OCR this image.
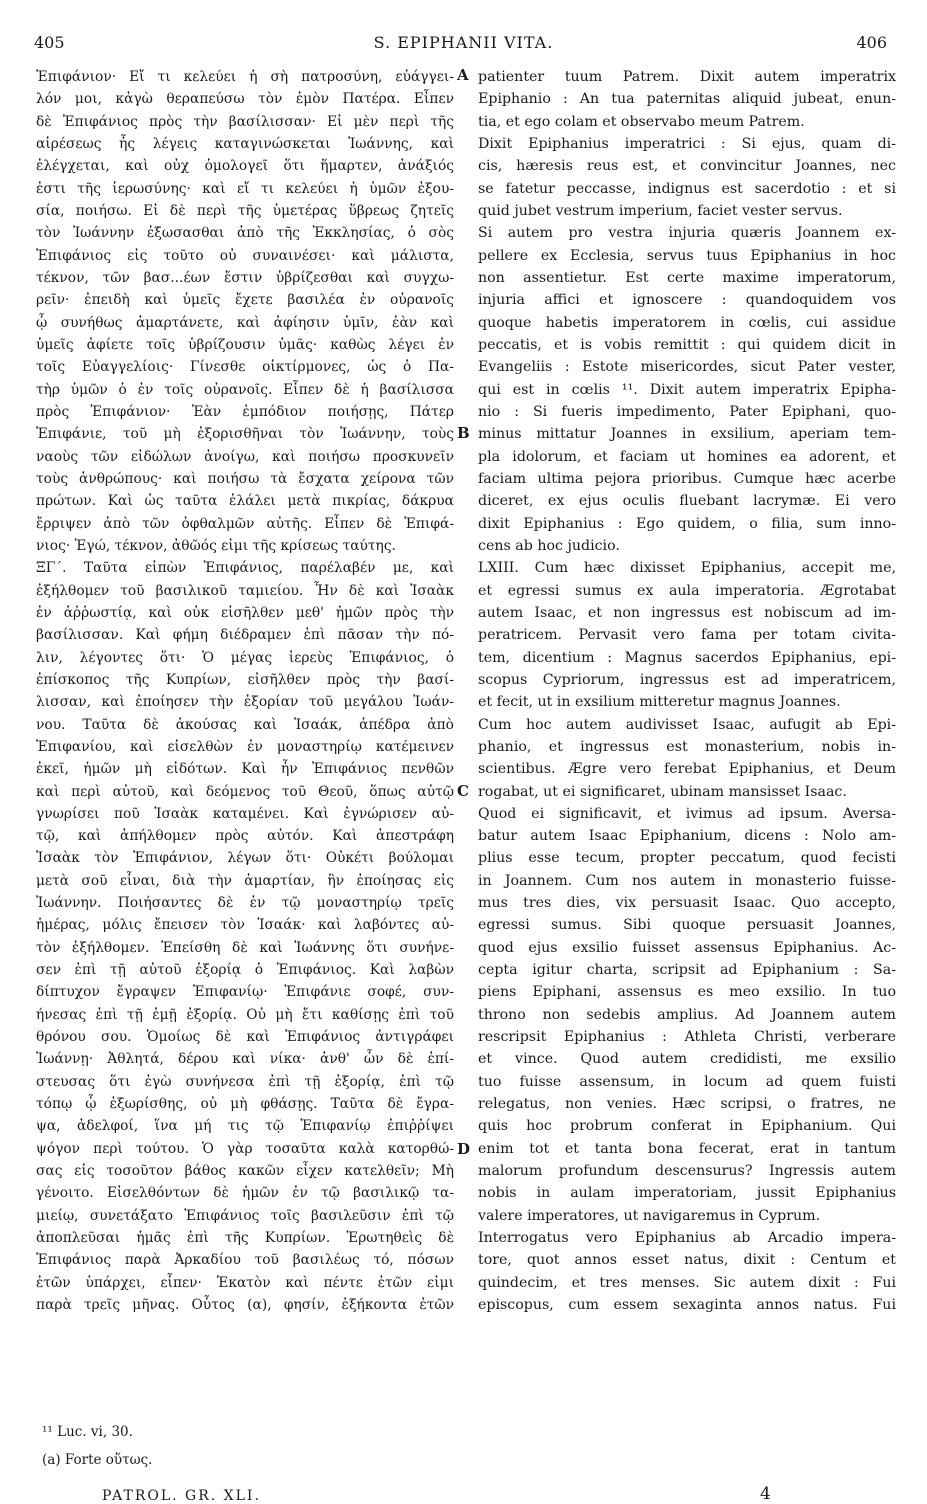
405	S. EPIPHANII VITA.	406
Ἐπιφάνιον· Εἴ τι κελεύει ἡ σὴ πατροσύνη, εὐάγγει-
λόν μοι, κἀγὼ θεραπεύσω τὸν ἐμὸν Πατέρα. Εἶπεν
δὲ Ἐπιφάνιος πρὸς τὴν βασίλισσαν· Εἰ μὲν περὶ τῆς
αἱρέσεως ἧς λέγεις καταγινώσκεται Ἰωάννης, καὶ
ἐλέγχεται, καὶ οὐχ ὁμολογεῖ ὅτι ἥμαρτεν, ἀνάξιός
ἐστι τῆς ἱερωσύνης· καὶ εἴ τι κελεύει ἡ ὑμῶν ἐξου-
σία, ποιήσω. Εἰ δὲ περὶ τῆς ὑμετέρας ὕβρεως ζητεῖς
τὸν Ἰωάννην ἐξωσασθαι ἀπὸ τῆς Ἐκκλησίας, ὁ σὸς
Ἐπιφάνιος εἰς τοῦτο οὐ συναινέσει· καὶ μάλιστα,
τέκνον, τῶν βασ...έων ἔστιν ὑβρίζεσθαι καὶ συγχω-
ρεῖν· ἐπειδὴ καὶ ὑμεῖς ἔχετε βασιλέα ἐν οὐρανοῖς
ᾧ συνήθως ἁμαρτάνετε, καὶ ἀφίησιν ὑμῖν, ἐὰν καὶ
ὑμεῖς ἀφίετε τοῖς ὑβρίζουσιν ὑμᾶς· καθὼς λέγει ἐν
τοῖς Εὐαγγελίοις· Γίνεσθε οἰκτίρμονες, ὡς ὁ Πα-
τὴρ ὑμῶν ὁ ἐν τοῖς οὐρανοῖς. Εἶπεν δὲ ἡ βασίλισσα
πρὸς Ἐπιφάνιον· Ἐὰν ἐμπόδιον ποιήσῃς, Πάτερ
Ἐπιφάνιε, τοῦ μὴ ἐξορισθῆναι τὸν Ἰωάννην, τοὺς
ναοὺς τῶν εἰδώλων ἀνοίγω, καὶ ποιήσω προσκυνεῖν
τοὺς ἀνθρώπους· καὶ ποιήσω τὰ ἔσχατα χείρονα τῶν
πρώτων. Καὶ ὡς ταῦτα ἐλάλει μετὰ πικρίας, δάκρυα
ἔρριψεν ἀπὸ τῶν ὀφθαλμῶν αὐτῆς. Εἶπεν δὲ Ἐπιφά-
νιος· Ἐγώ, τέκνον, ἀθῶός εἰμι τῆς κρίσεως ταύτης.
ΞΓ΄. Ταῦτα εἰπὼν Ἐπιφάνιος, παρέλαβέν με, καὶ
ἐξήλθομεν τοῦ βασιλικοῦ ταμιείου. Ἦν δὲ καὶ Ἰσαὰκ
ἐν ἀῤῥωστίᾳ, καὶ οὐκ εἰσῆλθεν μεθ' ἡμῶν πρὸς τὴν
βασίλισσαν. Καὶ φήμη διέδραμεν ἐπὶ πᾶσαν τὴν πό-
λιν, λέγοντες ὅτι· Ὁ μέγας ἱερεὺς Ἐπιφάνιος, ὁ
ἐπίσκοπος τῆς Κυπρίων, εἰσῆλθεν πρὸς τὴν βασί-
λισσαν, καὶ ἐποίησεν τὴν ἐξορίαν τοῦ μεγάλου Ἰωάν-
νου. Ταῦτα δὲ ἀκούσας καὶ Ἰσαάκ, ἀπέδρα ἀπὸ
Ἐπιφανίου, καὶ εἰσελθὼν ἐν μοναστηρίῳ κατέμεινεν
ἐκεῖ, ἡμῶν μὴ εἰδότων. Καὶ ἦν Ἐπιφάνιος πενθῶν
καὶ περὶ αὐτοῦ, καὶ δεόμενος τοῦ Θεοῦ, ὅπως αὐτῷ
γνωρίσει ποῦ Ἰσαὰκ καταμένει. Καὶ ἐγνώρισεν αὐ-
τῷ, καὶ ἀπήλθομεν πρὸς αὐτόν. Καὶ ἀπεστράφη
Ἰσαὰκ τὸν Ἐπιφάνιον, λέγων ὅτι· Οὐκέτι βούλομαι
μετὰ σοῦ εἶναι, διὰ τὴν ἁμαρτίαν, ἣν ἐποίησας εἰς
Ἰωάννην. Ποιήσαντες δὲ ἐν τῷ μοναστηρίῳ τρεῖς
ἡμέρας, μόλις ἔπεισεν τὸν Ἰσαάκ· καὶ λαβόντες αὐ-
τὸν ἐξήλθομεν. Ἐπείσθη δὲ καὶ Ἰωάννης ὅτι συνήνε-
σεν ἐπὶ τῇ αὐτοῦ ἐξορίᾳ ὁ Ἐπιφάνιος. Καὶ λαβὼν
δίπτυχον ἔγραψεν Ἐπιφανίῳ· Ἐπιφάνιε σοφέ, συν-
ήνεσας ἐπὶ τῇ ἐμῇ ἐξορίᾳ. Οὐ μὴ ἔτι καθίσῃς ἐπὶ τοῦ
θρόνου σου. Ὁμοίως δὲ καὶ Ἐπιφάνιος ἀντιγράφει
Ἰωάννῃ· Ἀθλητά, δέρου καὶ νίκα· ἀνθ' ὧν δὲ ἐπί-
στευσας ὅτι ἐγὼ συνήνεσα ἐπὶ τῇ ἐξορίᾳ, ἐπὶ τῷ
τόπῳ ᾧ ἐξωρίσθης, οὐ μὴ φθάσῃς. Ταῦτα δὲ ἔγρα-
ψα, ἀδελφοί, ἵνα μή τις τῷ Ἐπιφανίῳ ἐπιῤῥίψει
ψόγον περὶ τούτου. Ὁ γὰρ τοσαῦτα καλὰ κατορθώ-
σας εἰς τοσοῦτον βάθος κακῶν εἶχεν κατελθεῖν; Μὴ
γένοιτο. Εἰσελθόντων δὲ ἡμῶν ἐν τῷ βασιλικῷ τα-
μιείῳ, συνετάξατο Ἐπιφάνιος τοῖς βασιλεῦσιν ἐπὶ τῷ
ἀποπλεῦσαι ἡμᾶς ἐπὶ τῆς Κυπρίων. Ἐρωτηθεὶς δὲ
Ἐπιφάνιος παρὰ Ἀρκαδίου τοῦ βασιλέως τό, πόσων
ἐτῶν ὑπάρχει, εἶπεν· Ἑκατὸν καὶ πέντε ἐτῶν εἰμι
παρὰ τρεῖς μῆνας. Οὗτος (α), φησίν, ἑξήκοντα ἐτῶν
patienter tuum Patrem. Dixit autem imperatrix
Epiphanio : An tua paternitas aliquid jubeat, enun-
tia, et ego colam et observabo meum Patrem.
Dixit Epiphanius imperatrici : Si ejus, quam di-
cis, hæresis reus est, et convincitur Joannes, nec
se fatetur peccasse, indignus est sacerdotio : et si
quid jubet vestrum imperium, faciet vester servus.
Si autem pro vestra injuria quæris Joannem ex-
pellere ex Ecclesia, servus tuus Epiphanius in hoc
non assentietur. Est certe maxime imperatorum,
injuria affici et ignoscere : quandoquidem vos
quoque habetis imperatorem in cœlis, cui assidue
peccatis, et is vobis remittit : qui quidem dicit in
Evangeliis : Estote misericordes, sicut Pater vester,
qui est in cœlis ¹¹. Dixit autem imperatrix Epipha-
nio : Si fueris impedimento, Pater Epiphani, quo-
minus mittatur Joannes in exsilium, aperiam tem-
pla idolorum, et faciam ut homines ea adorent, et
faciam ultima pejora prioribus. Cumque hæc acerbe
diceret, ex ejus oculis fluebant lacrymæ. Ei vero
dixit Epiphanius : Ego quidem, o filia, sum inno-
cens ab hoc judicio.
LXIII. Cum hæc dixisset Epiphanius, accepit me,
et egressi sumus ex aula imperatoria. Ægrotabat
autem Isaac, et non ingressus est nobiscum ad im-
peratricem. Pervasit vero fama per totam civita-
tem, dicentium : Magnus sacerdos Epiphanius, epi-
scopus Cypriorum, ingressus est ad imperatricem,
et fecit, ut in exsilium mitteretur magnus Joannes.
Cum hoc autem audivisset Isaac, aufugit ab Epi-
phanio, et ingressus est monasterium, nobis in-
scientibus. Ægre vero ferebat Epiphanius, et Deum
rogabat, ut ei significaret, ubinam mansisset Isaac.
Quod ei significavit, et ivimus ad ipsum. Aversa-
batur autem Isaac Epiphanium, dicens : Nolo am-
plius esse tecum, propter peccatum, quod fecisti
in Joannem. Cum nos autem in monasterio fuisse-
mus tres dies, vix persuasit Isaac. Quo accepto,
egressi sumus. Sibi quoque persuasit Joannes,
quod ejus exsilio fuisset assensus Epiphanius. Ac-
cepta igitur charta, scripsit ad Epiphanium : Sa-
piens Epiphani, assensus es meo exsilio. In tuo
throno non sedebis amplius. Ad Joannem autem
rescripsit Epiphanius : Athleta Christi, verberare
et vince. Quod autem credidisti, me exsilio
tuo fuisse assensum, in locum ad quem fuisti
relegatus, non venies. Hæc scripsi, o fratres, ne
quis hoc probrum conferat in Epiphanium. Qui
enim tot et tanta bona fecerat, erat in tantum
malorum profundum descensurus? Ingressis autem
nobis in aulam imperatoriam, jussit Epiphanius
valere imperatores, ut navigaremus in Cyprum.
Interrogatus vero Epiphanius ab Arcadio impera-
tore, quot annos esset natus, dixit : Centum et
quindecim, et tres menses. Sic autem dixit : Fui
episcopus, cum essem sexaginta annos natus. Fui
A
B
C
D
¹¹ Luc. vi, 30.
(a) Forte οὕτως.
PATROL. GR. XLI.	4
